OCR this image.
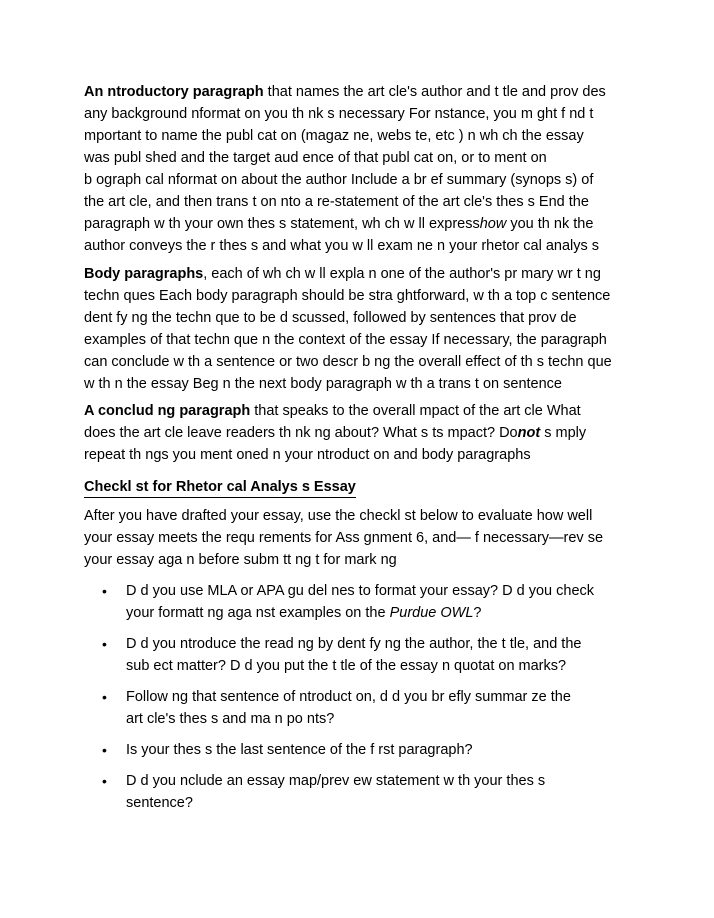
An ntroductory paragraph that names the art cle's author and t tle and prov des

any background nformat on you th nk s necessary For nstance, you m ght f nd t

mportant to name the publ cat on (magaz ne, webs te, etc ) n wh ch the essay

was publ shed and the target aud ence of that publ cat on, or to ment on

b ograph cal nformat on about the author Include a br ef summary (synops s) of

the art cle, and then trans t on nto a re-statement of the art cle's thes s End the

paragraph w th your own thes s statement, wh ch w ll expresshow you th nk the

author conveys the r thes s and what you w ll exam ne n your rhetor cal analys s

Body paragraphs, each of wh ch w ll expla n one of the author's pr mary wr t ng

techn ques Each body paragraph should be stra ghtforward, w th a top c sentence

dent fy ng the techn que to be d scussed, followed by sentences that prov de

examples of that techn que n the context of the essay If necessary, the paragraph

can conclude w th a sentence or two descr b ng the overall effect of th s techn que

w th n the essay Beg n the next body paragraph w th a trans t on sentence

A conclud ng paragraph that speaks to the overall mpact of the art cle What

does the art cle leave readers th nk ng about? What s ts mpact? Donot s mply

repeat th ngs you ment oned n your ntroduct on and body paragraphs

Checkl st for Rhetor cal Analys s Essay

After you have drafted your essay, use the checkl st below to evaluate how well

your essay meets the requ rements for Ass gnment 6, and— f necessary—rev se

your essay aga n before subm tt ng t for mark ng

• D d you use MLA or APA gu del nes to format your essay? D d you check
your formatt ng aga nst examples on the Purdue OWL?
• D d you ntroduce the read ng by dent fy ng the author, the t tle, and the
sub ect matter? D d you put the t tle of the essay n quotat on marks?
• Follow ng that sentence of ntroduct on, d d you br efly summar ze the
art cle's thes s and ma n po nts?
• Is your thes s the last sentence of the f rst paragraph?
• D d you nclude an essay map/prev ew statement w th your thes s
sentence?
